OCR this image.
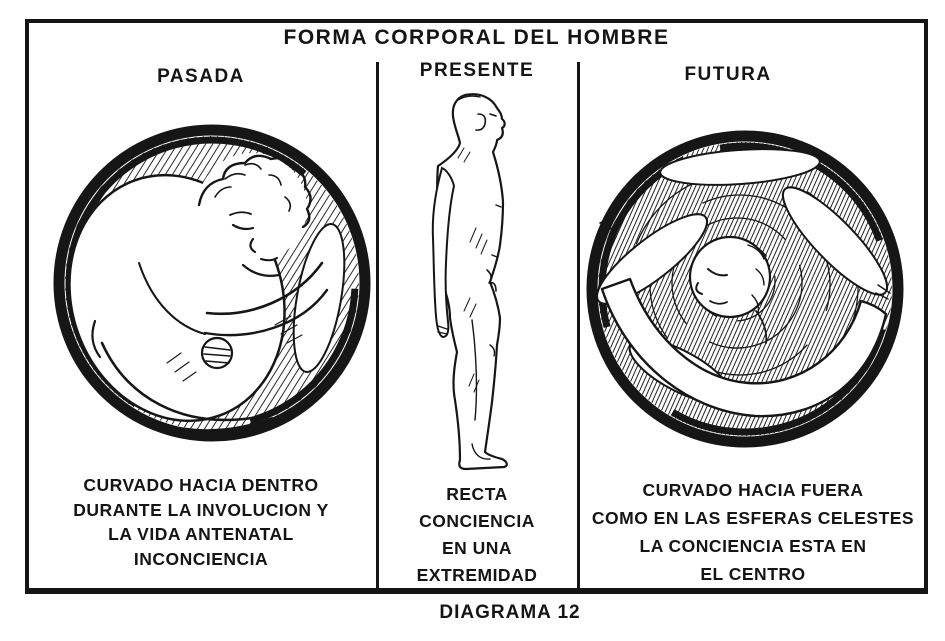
FORMA CORPORAL DEL HOMBRE
PASADA	PRESENTE	FUTURA
CURVADO HACIA DENTRO
DURANTE LA INVOLUCION Y
LA VIDA ANTENATAL
INCONCIENCIA
RECTA
CONCIENCIA
EN UNA
EXTREMIDAD
CURVADO HACIA FUERA
COMO EN LAS ESFERAS CELESTES
LA CONCIENCIA ESTA EN
EL CENTRO
DIAGRAMA 12
